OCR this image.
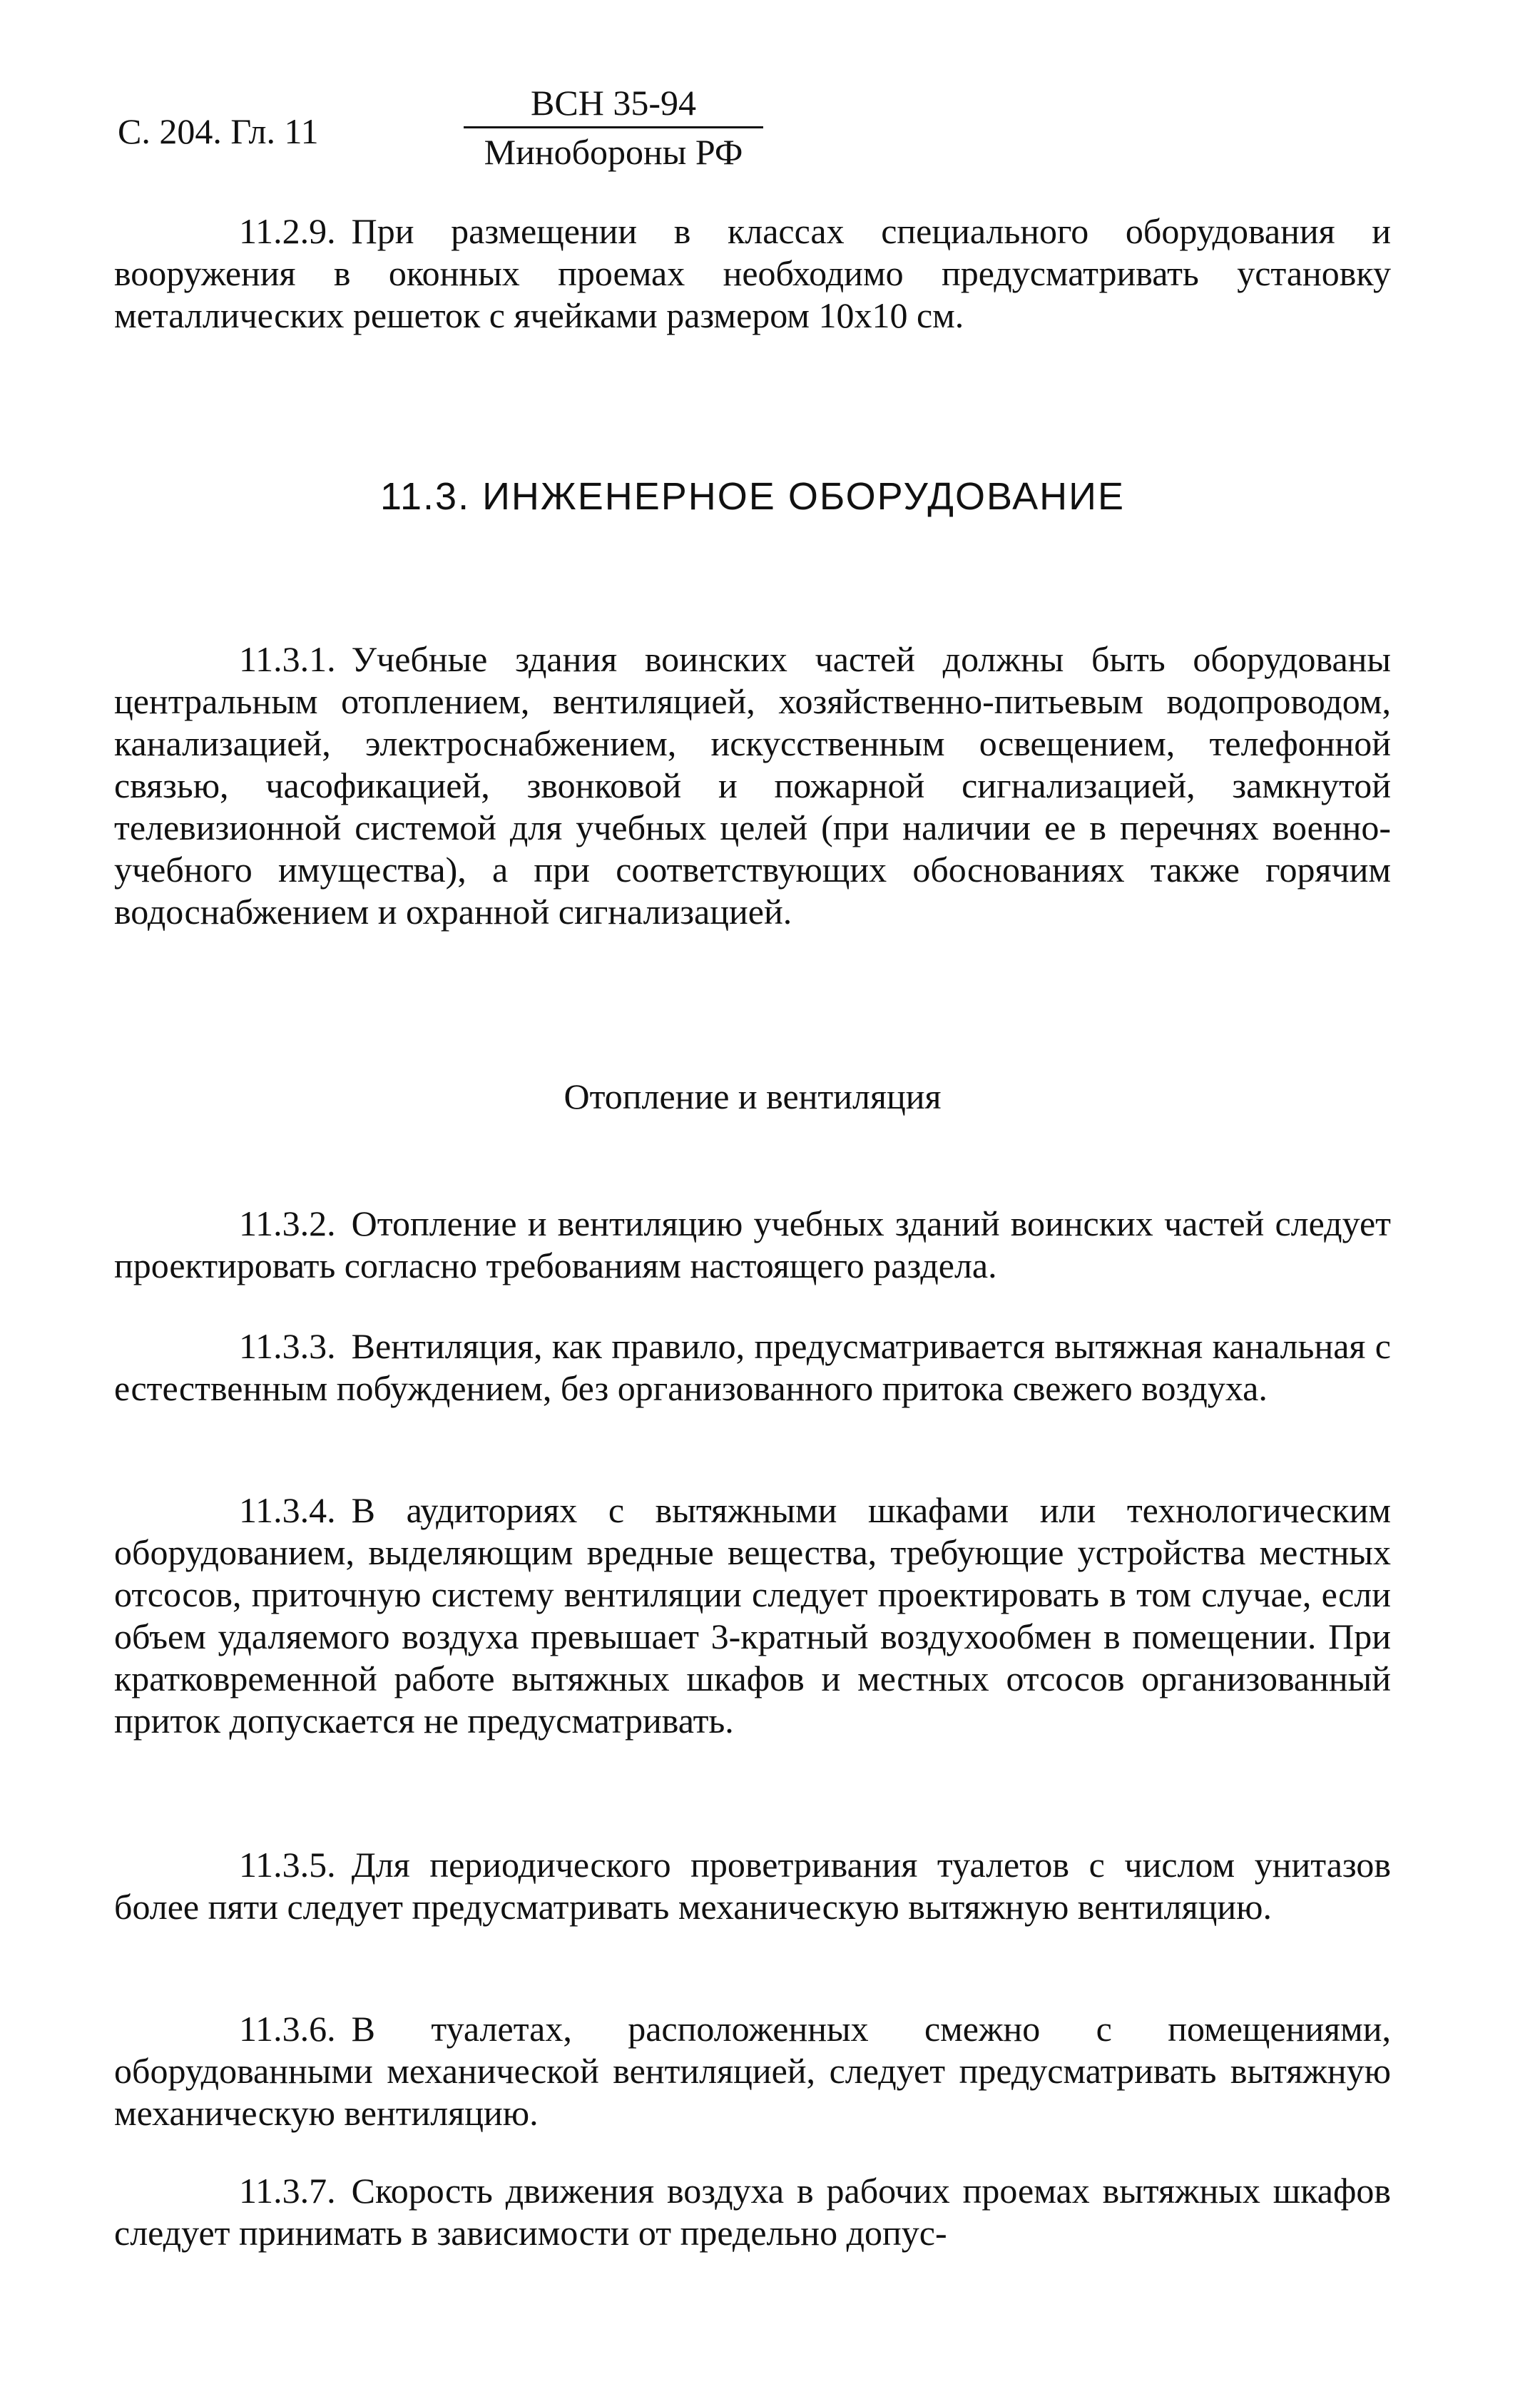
С. 204. Гл. 11
ВСН 35-94
Минобороны РФ

11.2.9. При размещении в классах специального оборудования и вооружения в оконных проемах необходимо предусматривать установку металлических решеток с ячейками размером 10x10 см.

11.3. ИНЖЕНЕРНОЕ ОБОРУДОВАНИЕ

11.3.1. Учебные здания воинских частей должны быть оборудованы центральным отоплением, вентиляцией, хозяйственно-питьевым водопроводом, канализацией, электроснабжением, искусственным освещением, телефонной связью, часофикацией, звонковой и пожарной сигнализацией, замкнутой телевизионной системой для учебных целей (при наличии ее в перечнях военно-учебного имущества), а при соответствующих обоснованиях также горячим водоснабжением и охранной сигнализацией.

Отопление и вентиляция

11.3.2. Отопление и вентиляцию учебных зданий воинских частей следует проектировать согласно требованиям настоящего раздела.

11.3.3. Вентиляция, как правило, предусматривается вытяжная канальная с естественным побуждением, без организованного притока свежего воздуха.

11.3.4. В аудиториях с вытяжными шкафами или технологическим оборудованием, выделяющим вредные вещества, требующие устройства местных отсосов, приточную систему вентиляции следует проектировать в том случае, если объем удаляемого воздуха превышает 3-кратный воздухообмен в помещении. При кратковременной работе вытяжных шкафов и местных отсосов организованный приток допускается не предусматривать.

11.3.5. Для периодического проветривания туалетов с числом унитазов более пяти следует предусматривать механическую вытяжную вентиляцию.

11.3.6. В туалетах, расположенных смежно с помещениями, оборудованными механической вентиляцией, следует предусматривать вытяжную механическую вентиляцию.

11.3.7. Скорость движения воздуха в рабочих проемах вытяжных шкафов следует принимать в зависимости от предельно допус-
